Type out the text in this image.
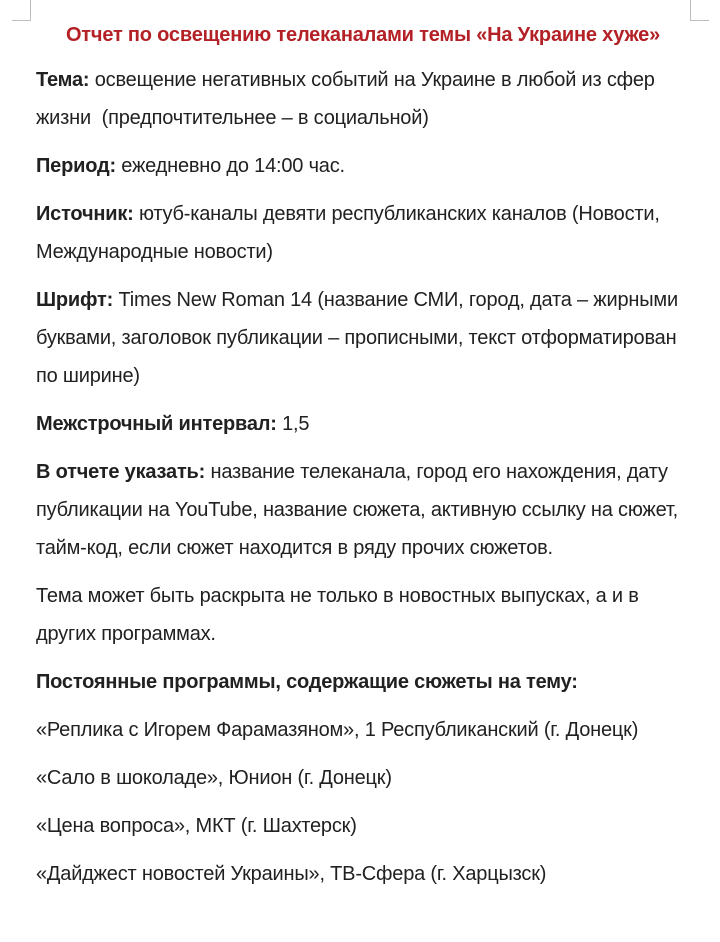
Отчет по освещению телеканалами темы «На Украине хуже»

Тема: освещение негативных событий на Украине в любой из сфер жизни  (предпочтительнее – в социальной)

Период: ежедневно до 14:00 час.

Источник: ютуб-каналы девяти республиканских каналов (Новости, Международные новости)

Шрифт: Times New Roman 14 (название СМИ, город, дата – жирными буквами, заголовок публикации – прописными, текст отформатирован по ширине)

Межстрочный интервал: 1,5

В отчете указать: название телеканала, город его нахождения, дату публикации на YouTube, название сюжета, активную ссылку на сюжет, тайм-код, если сюжет находится в ряду прочих сюжетов.

Тема может быть раскрыта не только в новостных выпусках, а и в других программах.

Постоянные программы, содержащие сюжеты на тему:

«Реплика с Игорем Фарамазяном», 1 Республиканский (г. Донецк)

«Сало в шоколаде», Юнион (г. Донецк)

«Цена вопроса», МКТ (г. Шахтерск)

«Дайджест новостей Украины», ТВ-Сфера (г. Харцызск)
